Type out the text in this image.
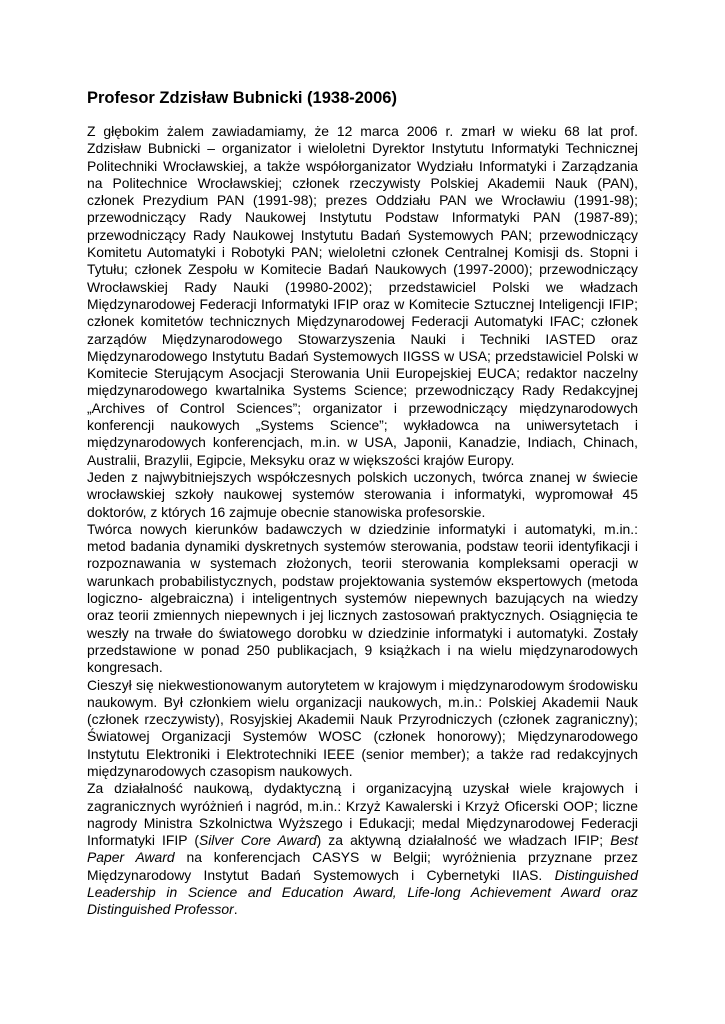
Profesor Zdzisław Bubnicki (1938-2006)

Z głębokim żalem zawiadamiamy, że 12 marca 2006 r. zmarł w wieku 68 lat prof. Zdzisław Bubnicki – organizator i wieloletni Dyrektor Instytutu Informatyki Technicznej Politechniki Wrocławskiej, a także współorganizator Wydziału Informatyki i Zarządzania na Politechnice Wrocławskiej; członek rzeczywisty Polskiej Akademii Nauk (PAN), członek Prezydium PAN (1991-98); prezes Oddziału PAN we Wrocławiu (1991-98); przewodniczący Rady Naukowej Instytutu Podstaw Informatyki PAN (1987-89); przewodniczący Rady Naukowej Instytutu Badań Systemowych PAN; przewodniczący Komitetu Automatyki i Robotyki PAN; wieloletni członek Centralnej Komisji ds. Stopni i Tytułu; członek Zespołu w Komitecie Badań Naukowych (1997-2000); przewodniczący Wrocławskiej Rady Nauki (19980-2002); przedstawiciel Polski we władzach Międzynarodowej Federacji Informatyki IFIP oraz w Komitecie Sztucznej Inteligencji IFIP; członek komitetów technicznych Międzynarodowej Federacji Automatyki IFAC; członek zarządów Międzynarodowego Stowarzyszenia Nauki i Techniki IASTED oraz Międzynarodowego Instytutu Badań Systemowych IIGSS w USA; przedstawiciel Polski w Komitecie Sterującym Asocjacji Sterowania Unii Europejskiej EUCA; redaktor naczelny międzynarodowego kwartalnika Systems Science; przewodniczący Rady Redakcyjnej „Archives of Control Sciences”; organizator i przewodniczący międzynarodowych konferencji naukowych „Systems Science”; wykładowca na uniwersytetach i międzynarodowych konferencjach, m.in. w USA, Japonii, Kanadzie, Indiach, Chinach, Australii, Brazylii, Egipcie, Meksyku oraz w większości krajów Europy.

Jeden z najwybitniejszych współczesnych polskich uczonych, twórca znanej w świecie wrocławskiej szkoły naukowej systemów sterowania i informatyki, wypromował 45 doktorów, z których 16 zajmuje obecnie stanowiska profesorskie.

Twórca nowych kierunków badawczych w dziedzinie informatyki i automatyki, m.in.: metod badania dynamiki dyskretnych systemów sterowania, podstaw teorii identyfikacji i rozpoznawania w systemach złożonych, teorii sterowania kompleksami operacji w warunkach probabilistycznych, podstaw projektowania systemów ekspertowych (metoda logiczno- algebraiczna) i inteligentnych systemów niepewnych bazujących na wiedzy oraz teorii zmiennych niepewnych i jej licznych zastosowań praktycznych. Osiągnięcia te weszły na trwałe do światowego dorobku w dziedzinie informatyki i automatyki. Zostały przedstawione w ponad 250 publikacjach, 9 książkach i na wielu międzynarodowych kongresach.

Cieszył się niekwestionowanym autorytetem w krajowym i międzynarodowym środowisku naukowym. Był członkiem wielu organizacji naukowych, m.in.: Polskiej Akademii Nauk (członek rzeczywisty), Rosyjskiej Akademii Nauk Przyrodniczych (członek zagraniczny); Światowej Organizacji Systemów WOSC (członek honorowy); Międzynarodowego Instytutu Elektroniki i Elektrotechniki IEEE (senior member); a także rad redakcyjnych międzynarodowych czasopism naukowych.

Za działalność naukową, dydaktyczną i organizacyjną uzyskał wiele krajowych i zagranicznych wyróżnień i nagród, m.in.: Krzyż Kawalerski i Krzyż Oficerski OOP; liczne nagrody Ministra Szkolnictwa Wyższego i Edukacji; medal Międzynarodowej Federacji Informatyki IFIP (Silver Core Award) za aktywną działalność we władzach IFIP; Best Paper Award na konferencjach CASYS w Belgii; wyróżnienia przyznane przez Międzynarodowy Instytut Badań Systemowych i Cybernetyki IIAS. Distinguished Leadership in Science and Education Award, Life-long Achievement Award oraz Distinguished Professor.
